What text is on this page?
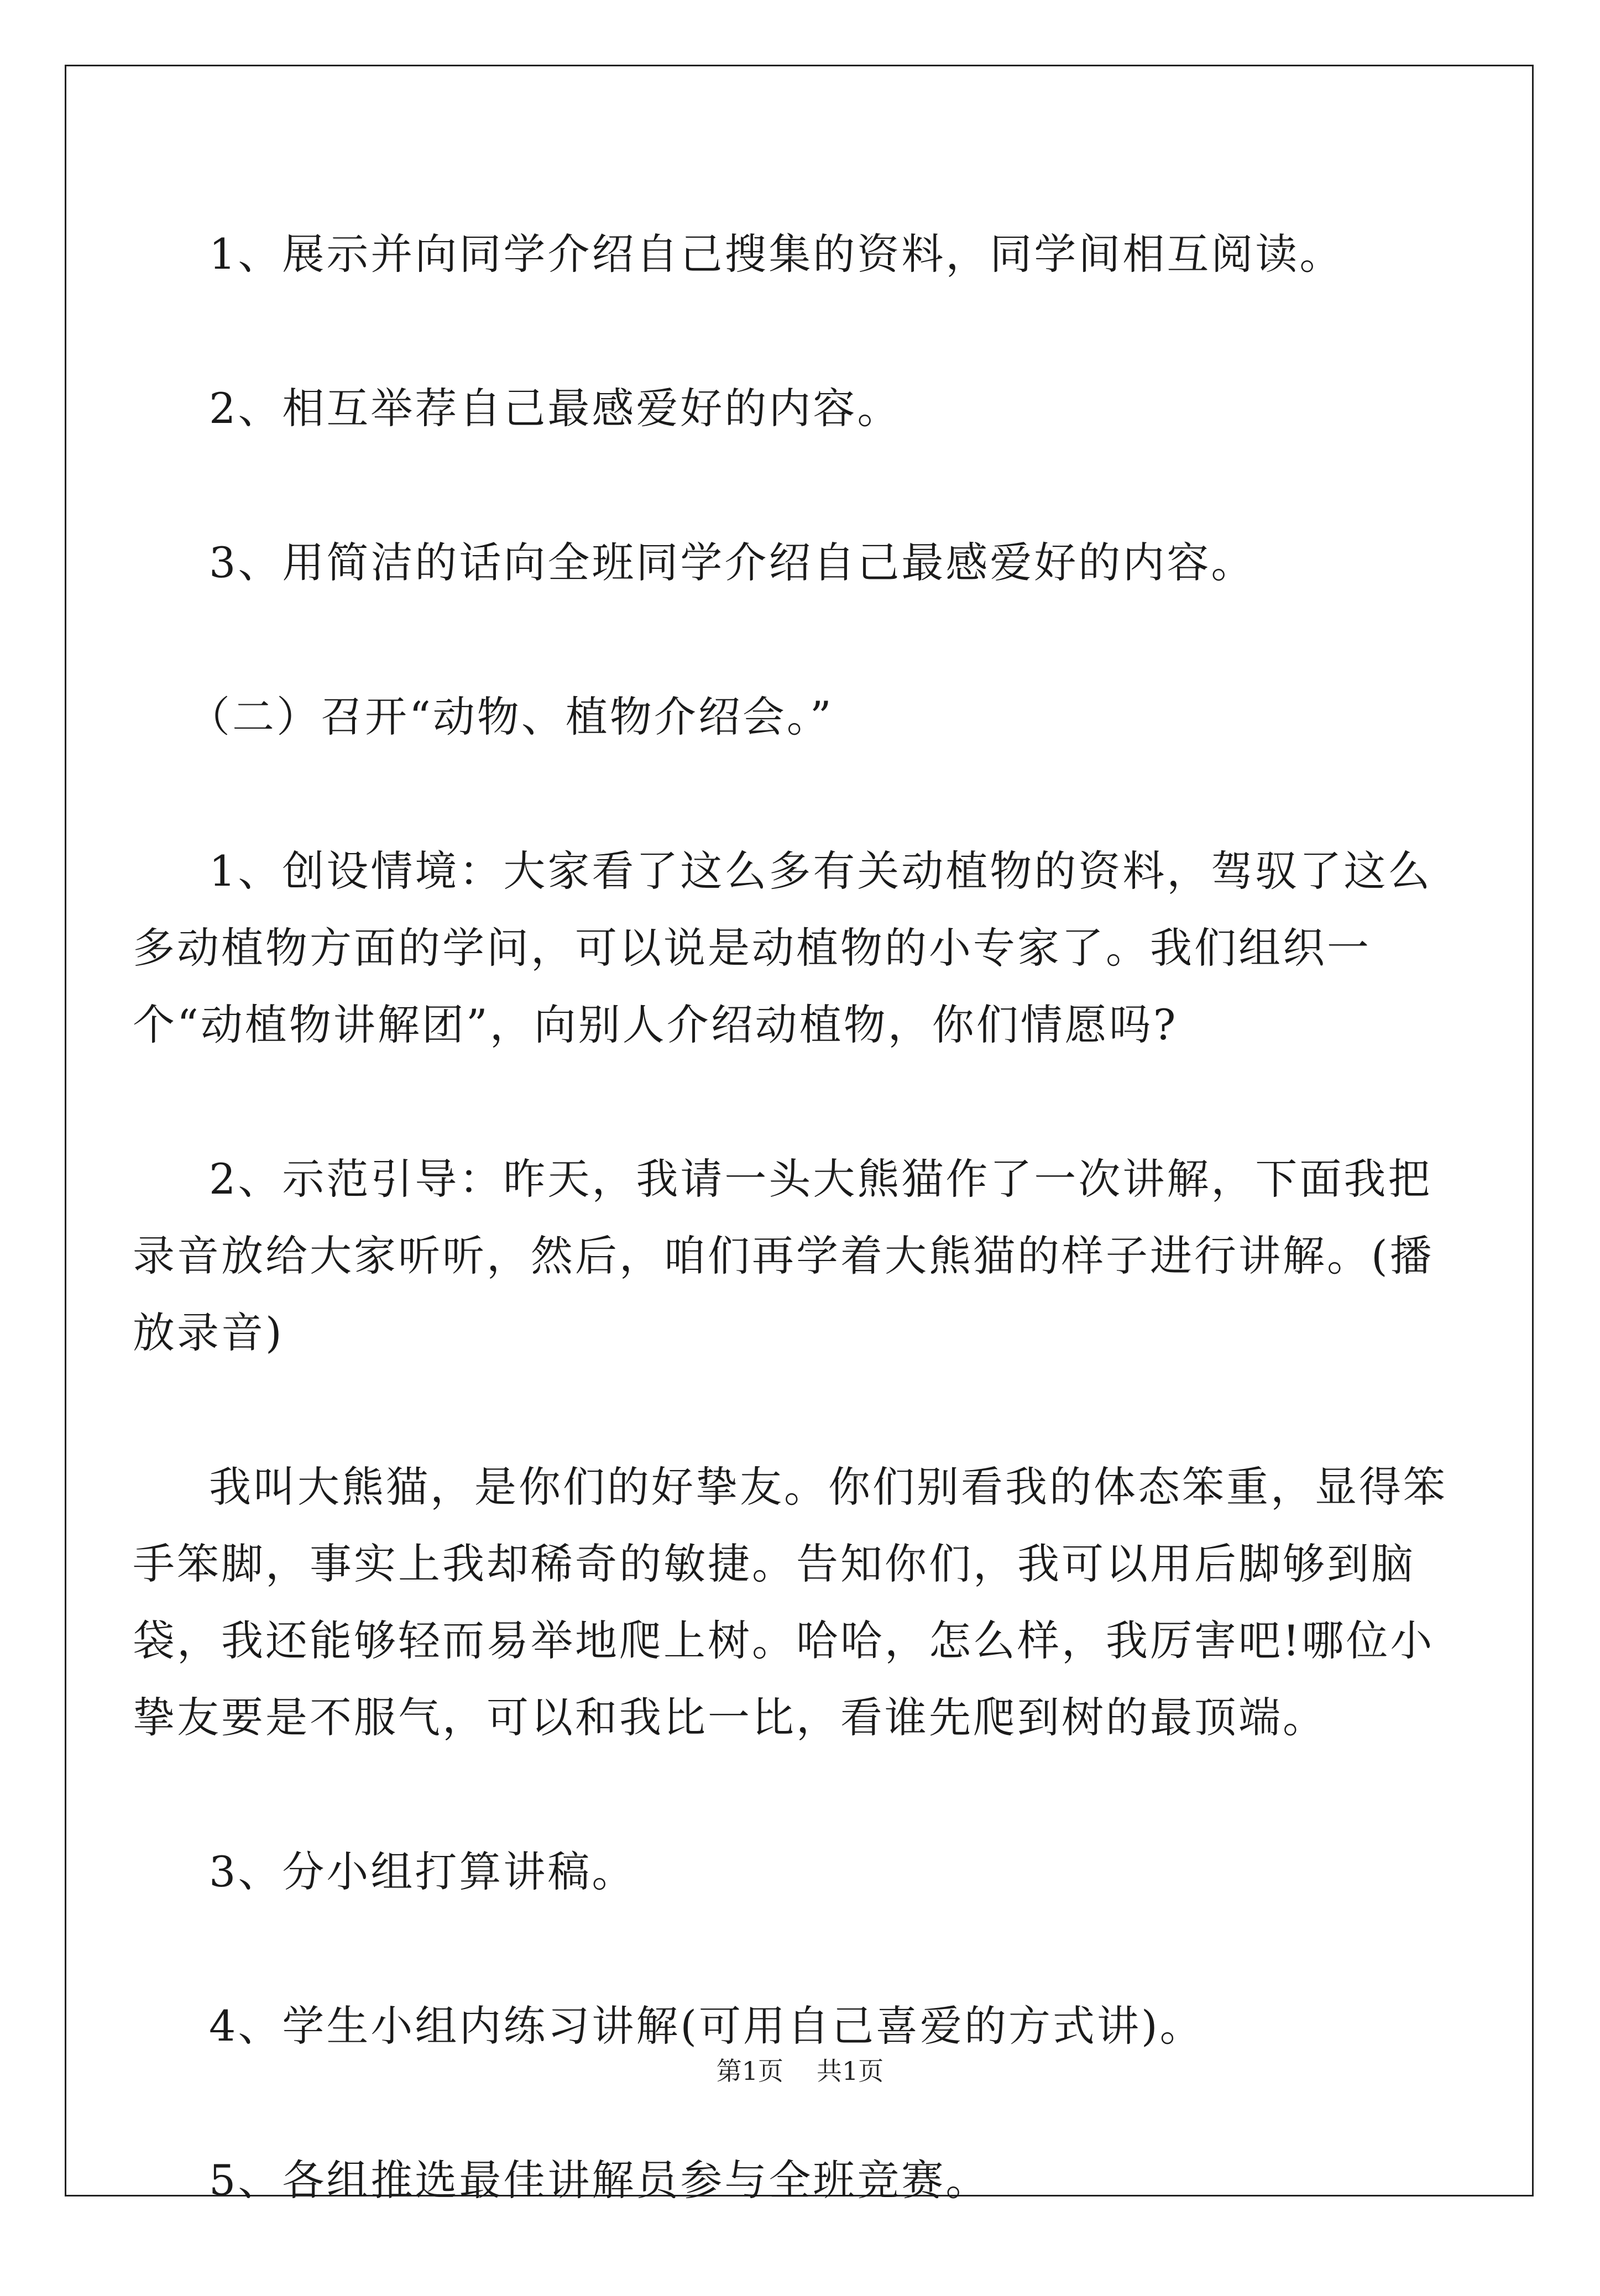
1、展示并向同学介绍自己搜集的资料，同学间相互阅读。

2、相互举荐自己最感爱好的内容。

3、用简洁的话向全班同学介绍自己最感爱好的内容。

（二）召开“动物、植物介绍会。”

1、创设情境：大家看了这么多有关动植物的资料，驾驭了这么多动植物方面的学问，可以说是动植物的小专家了。我们组织一个“动植物讲解团”，向别人介绍动植物，你们情愿吗?

2、示范引导：昨天，我请一头大熊猫作了一次讲解，下面我把录音放给大家听听，然后，咱们再学着大熊猫的样子进行讲解。(播放录音)

我叫大熊猫，是你们的好挚友。你们别看我的体态笨重，显得笨手笨脚，事实上我却稀奇的敏捷。告知你们，我可以用后脚够到脑袋，我还能够轻而易举地爬上树。哈哈，怎么样，我厉害吧!哪位小挚友要是不服气，可以和我比一比，看谁先爬到树的最顶端。

3、分小组打算讲稿。

4、学生小组内练习讲解(可用自己喜爱的方式讲)。

5、各组推选最佳讲解员参与全班竞赛。

第1页 共1页
